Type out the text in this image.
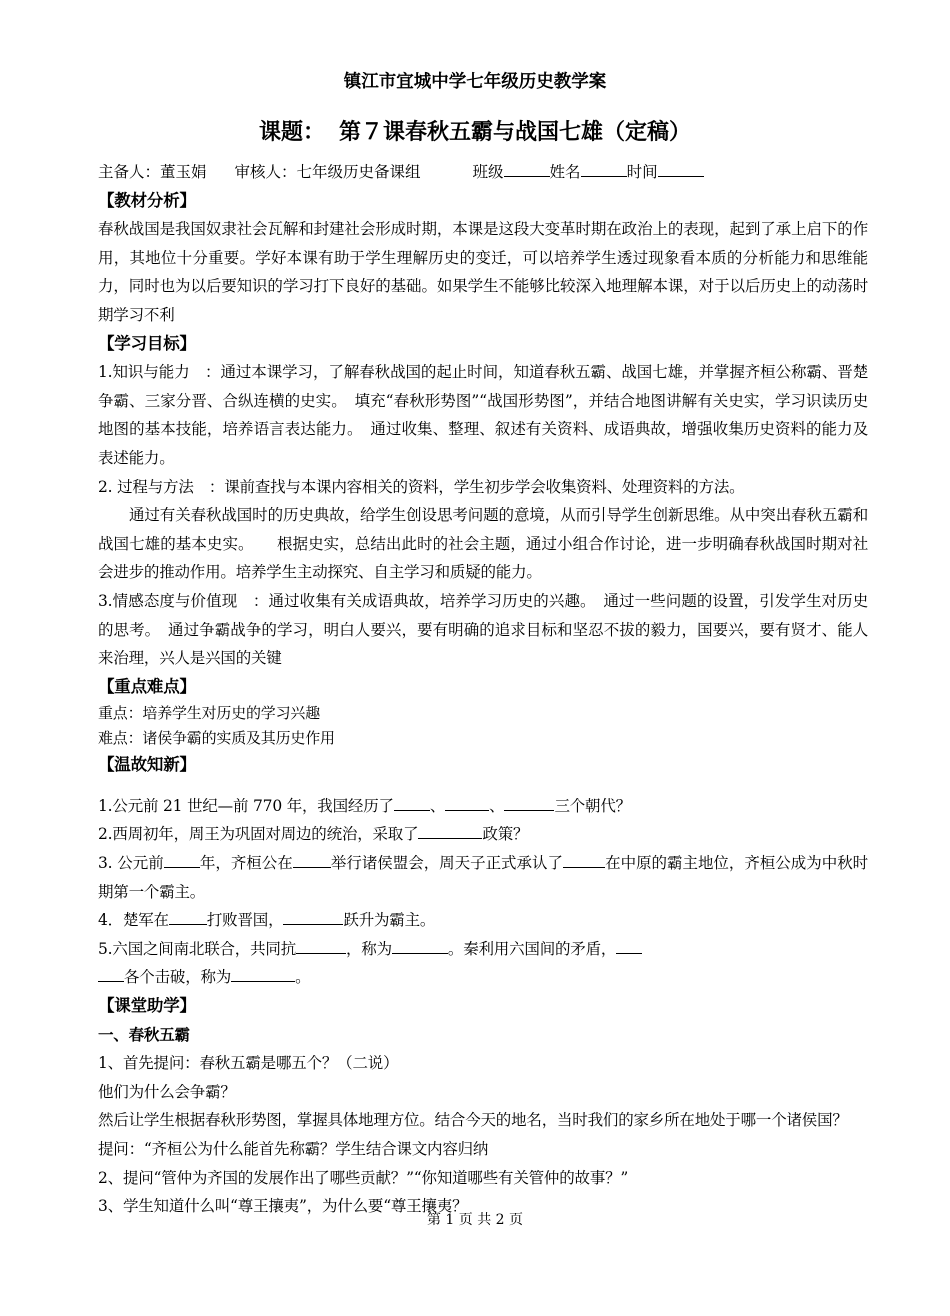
镇江市宜城中学七年级历史教学案
课题： 第７课春秋五霸与战国七雄（定稿）

主备人：董玉娟 审核人：七年级历史备课组	班级	姓名	时间

【教材分析】

春秋战国是我国奴隶社会瓦解和封建社会形成时期，本课是这段大变革时期在政治上的表现，起到了承上启下的作用，其地位十分重要。学好本课有助于学生理解历史的变迁，可以培养学生透过现象看本质的分析能力和思维能力，同时也为以后要知识的学习打下良好的基础。如果学生不能够比较深入地理解本课，对于以后历史上的动荡时期学习不利

【学习目标】

1.知识与能力　：通过本课学习，了解春秋战国的起止时间，知道春秋五霸、战国七雄，并掌握齐桓公称霸、晋楚争霸、三家分晋、合纵连横的史实。　填充“春秋形势图”“战国形势图”，并结合地图讲解有关史实，学习识读历史地图的基本技能，培养语言表达能力。　通过收集、整理、叙述有关资料、成语典故，增强收集历史资料的能力及表述能力。

2. 过程与方法　：课前查找与本课内容相关的资料，学生初步学会收集资料、处理资料的方法。

通过有关春秋战国时的历史典故，给学生创设思考问题的意境，从而引导学生创新思维。从中突出春秋五霸和战国七雄的基本史实。　　根据史实，总结出此时的社会主题，通过小组合作讨论，进一步明确春秋战国时期对社会进步的推动作用。培养学生主动探究、自主学习和质疑的能力。

3.情感态度与价值现　：通过收集有关成语典故，培养学习历史的兴趣。　通过一些问题的设置，引发学生对历史的思考。　通过争霸战争的学习，明白人要兴，要有明确的追求目标和坚忍不拔的毅力，国要兴，要有贤才、能人来治理，兴人是兴国的关键

【重点难点】

重点：培养学生对历史的学习兴趣

难点：诸侯争霸的实质及其历史作用

【温故知新】

1.公元前 21 世纪—前 770 年，我国经历了 、	、	三个朝代？

2.西周初年，周王为巩固对周边的统治，采取了	政策？

3. 公元前 年，齐桓公在 举行诸侯盟会，周天子正式承认了	在中原的霸主地位，齐桓公成为中秋时期第一个霸主。

4．楚军在 打败晋国，	跃升为霸主。

5.六国之间南北联合，共同抗	，称为	。秦利用六国间的矛盾，
各个击破，称为	。

【课堂助学】

一、春秋五霸

1、首先提问：春秋五霸是哪五个？（二说）

他们为什么会争霸？

然后让学生根据春秋形势图，掌握具体地理方位。结合今天的地名，当时我们的家乡所在地处于哪一个诸侯国？

提问：“齐桓公为什么能首先称霸？学生结合课文内容归纳

2、提问“管仲为齐国的发展作出了哪些贡献？”“你知道哪些有关管仲的故事？”

3、学生知道什么叫“尊王攘夷”，为什么要“尊王攘夷？

第 1 页 共 2 页
